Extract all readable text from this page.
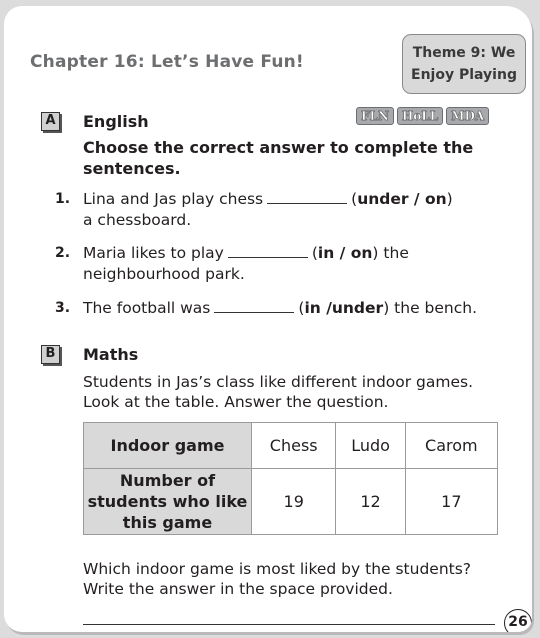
Chapter 16: Let’s Have Fun!	Theme 9: We
Enjoy Playing
A English	FLN	HoLL	MDA
Choose the correct answer to complete the sentences.
1. Lina and Jas play chess	(under / on)
a chessboard.
2. Maria likes to play	(in / on) the
neighbourhood park.
3. The football was	(in /under) the bench.
B Maths
Students in Jas’s class like different indoor games.
Look at the table. Answer the question.
Indoor game	Chess	Ludo	Carom
Number of students who like this game	19	12	17
Which indoor game is most liked by the students?
Write the answer in the space provided.
26
